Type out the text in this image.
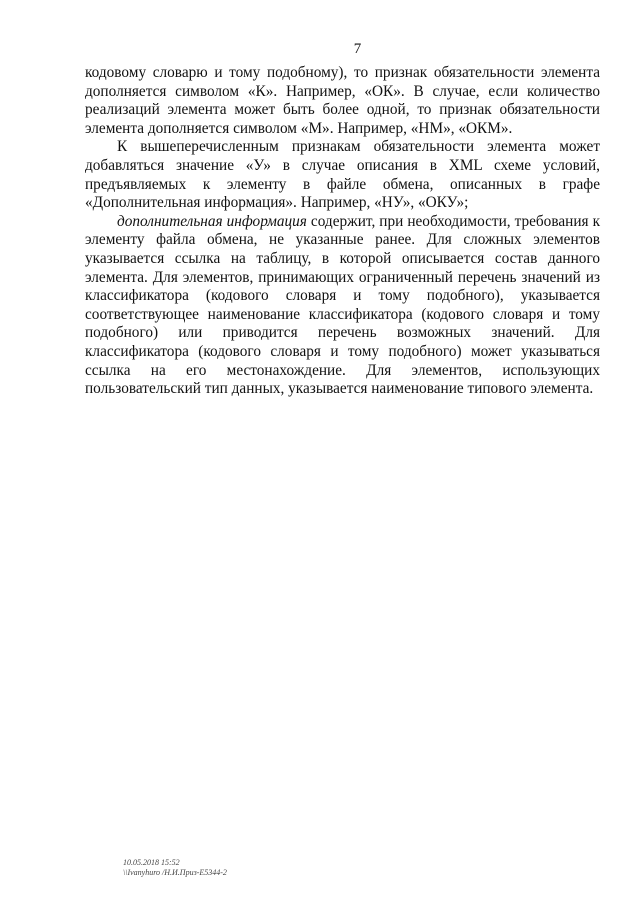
7

кодовому словарю и тому подобному), то признак обязательности элемента дополняется символом «К». Например, «ОК». В случае, если количество реализаций элемента может быть более одной, то признак обязательности элемента дополняется символом «М». Например, «НМ», «ОКМ».

К вышеперечисленным признакам обязательности элемента может добавляться значение «У» в случае описания в XML схеме условий, предъявляемых к элементу в файле обмена, описанных в графе «Дополнительная информация». Например, «НУ», «ОКУ»;

дополнительная информация содержит, при необходимости, требования к элементу файла обмена, не указанные ранее. Для сложных элементов указывается ссылка на таблицу, в которой описывается состав данного элемента. Для элементов, принимающих ограниченный перечень значений из классификатора (кодового словаря и тому подобного), указывается соответствующее наименование классификатора (кодового словаря и тому подобного) или приводится перечень возможных значений. Для классификатора (кодового словаря и тому подобного) может указываться ссылка на его местонахождение. Для элементов, использующих пользовательский тип данных, указывается наименование типового элемента.

10.05.2018 15:52
\\Ivanyhuro /Н.И.Приз-E5344-2
